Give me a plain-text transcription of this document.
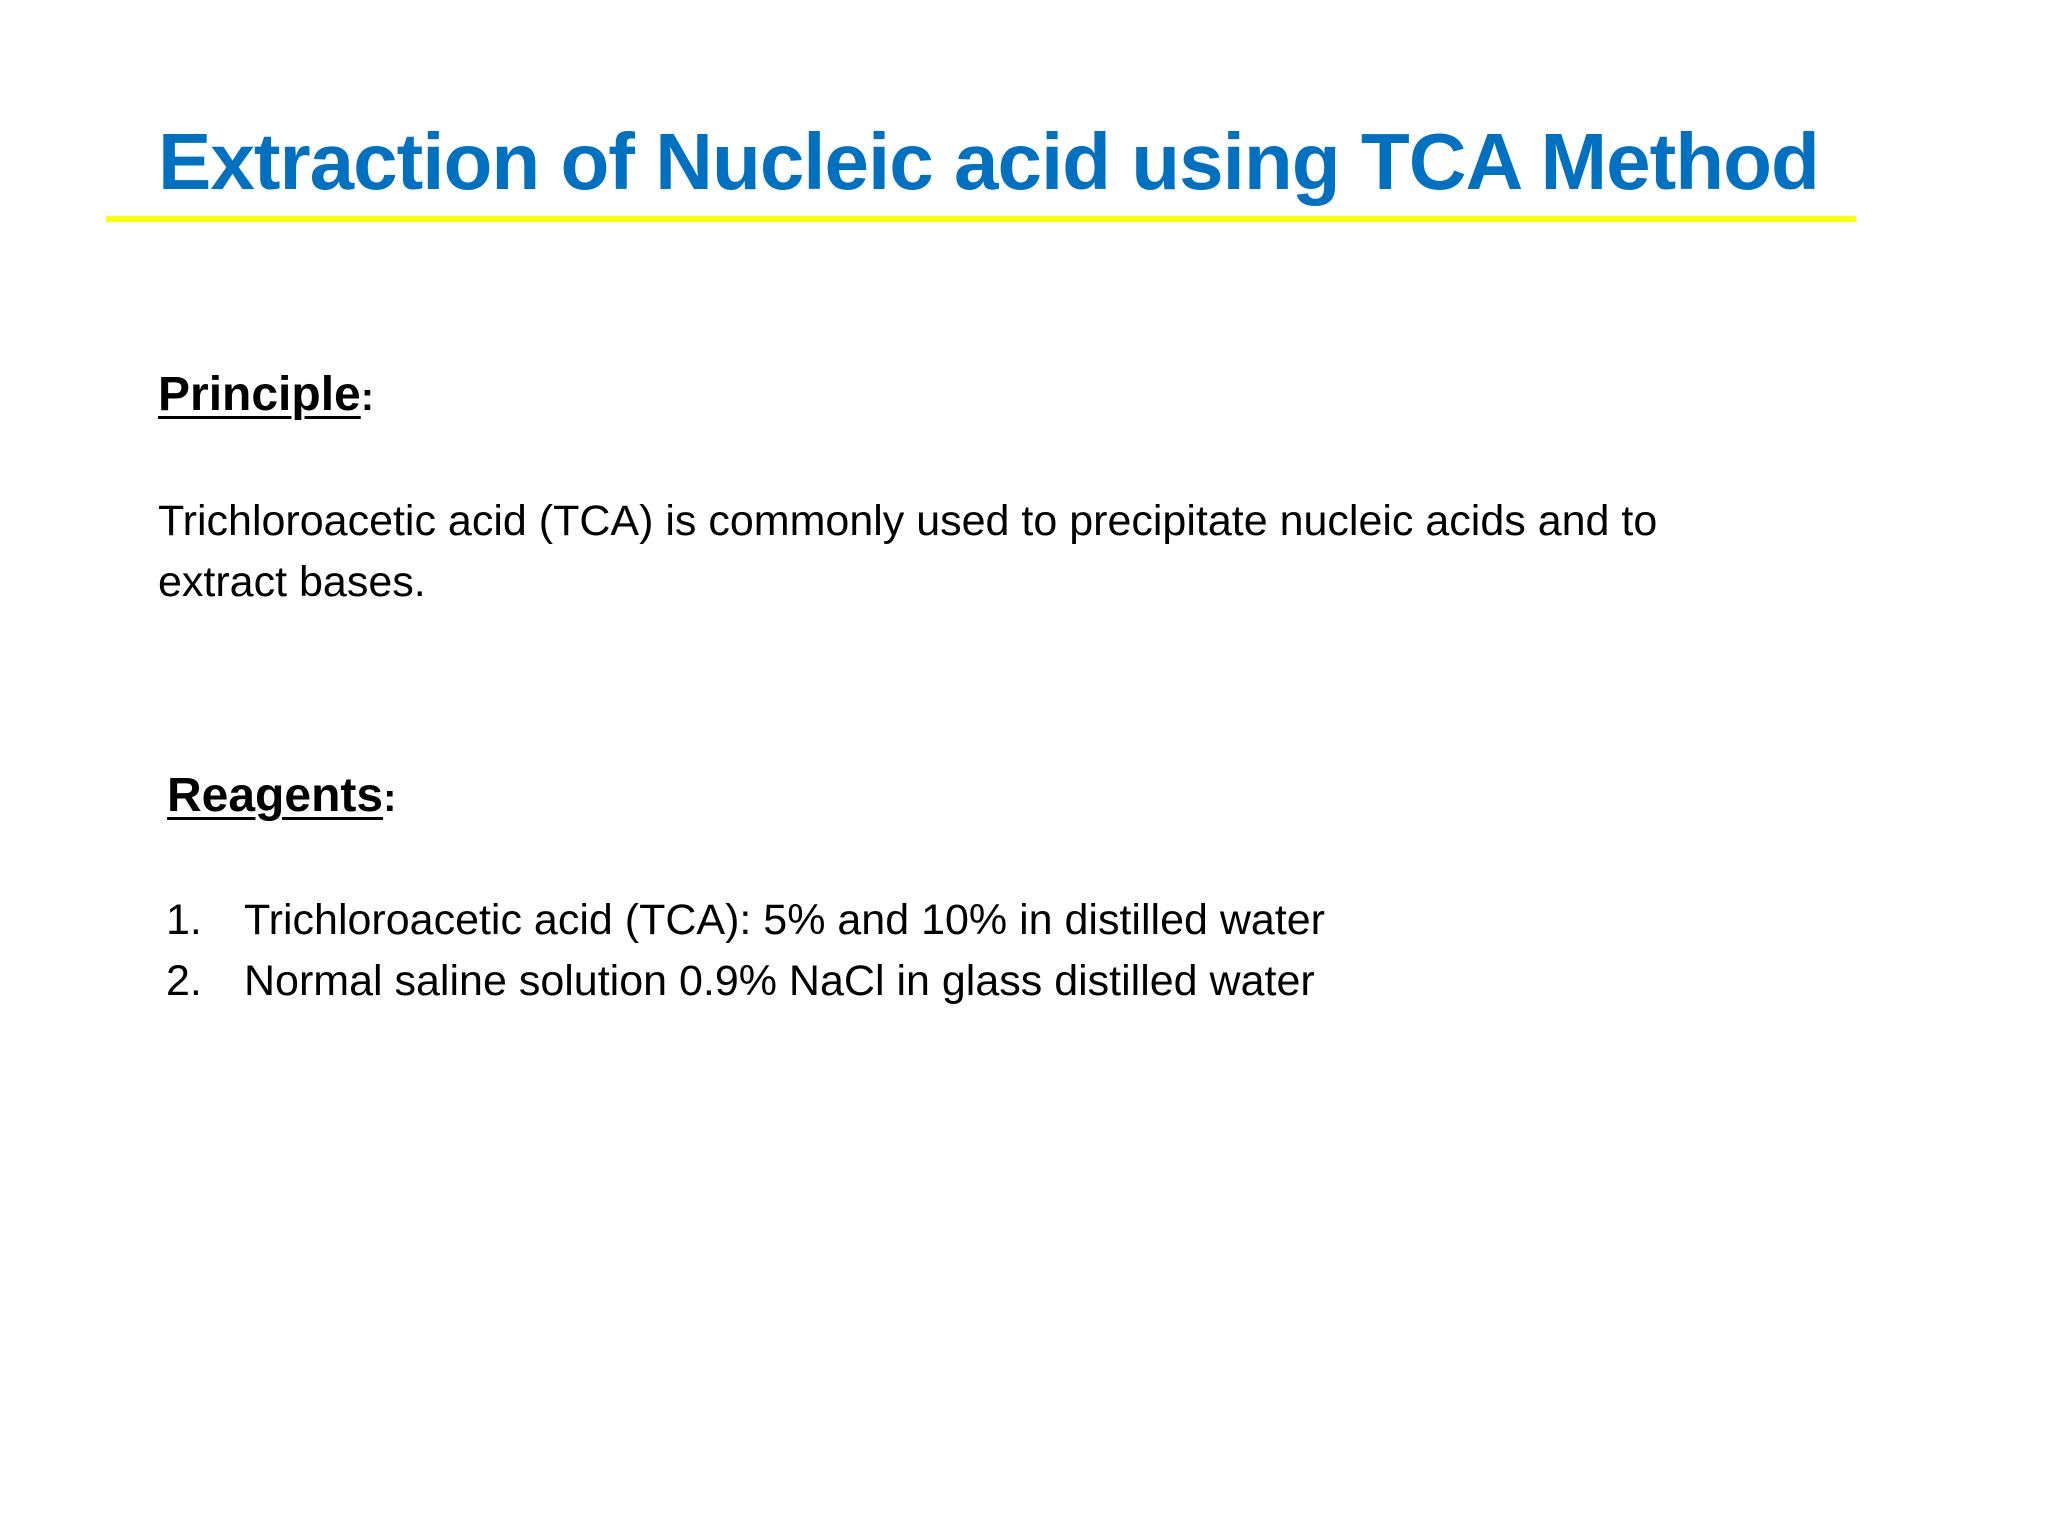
Extraction of Nucleic acid using TCA Method
Principle:

Trichloroacetic acid (TCA) is commonly used to precipitate nucleic acids and to extract bases.

Reagents:
1. Trichloroacetic acid (TCA): 5% and 10% in distilled water
2. Normal saline solution 0.9% NaCl in glass distilled water
